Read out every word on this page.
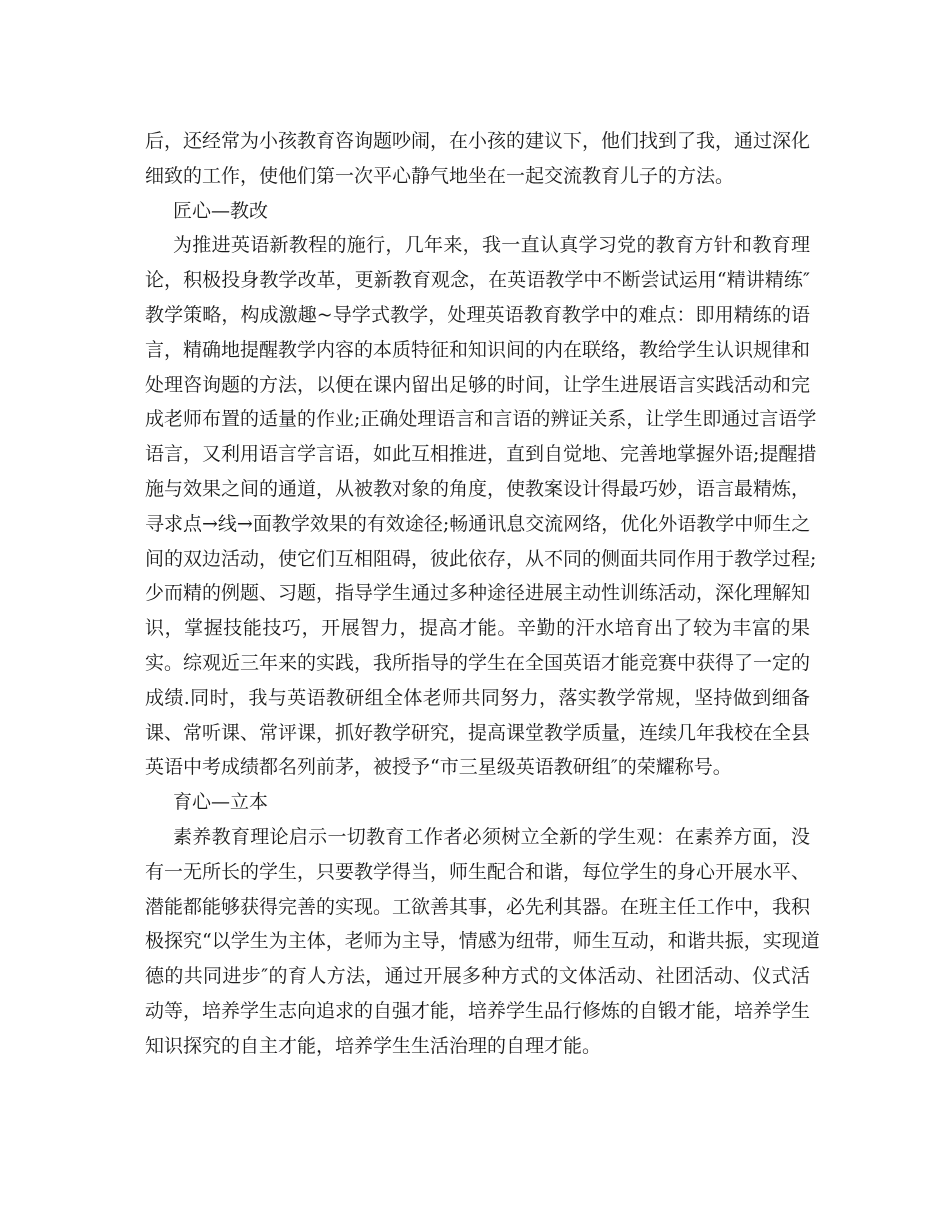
后，还经常为小孩教育咨询题吵闹，在小孩的建议下，他们找到了我，通过深化
细致的工作，使他们第一次平心静气地坐在一起交流教育儿子的方法。
匠心—教改
为推进英语新教程的施行，几年来，我一直认真学习党的教育方针和教育理
论，积极投身教学改革，更新教育观念，在英语教学中不断尝试运用“精讲精练″
教学策略，构成激趣~导学式教学，处理英语教育教学中的难点：即用精练的语
言，精确地提醒教学内容的本质特征和知识间的内在联络，教给学生认识规律和
处理咨询题的方法，以便在课内留出足够的时间，让学生进展语言实践活动和完
成老师布置的适量的作业;正确处理语言和言语的辨证关系，让学生即通过言语学
语言，又利用语言学言语，如此互相推进，直到自觉地、完善地掌握外语;提醒措
施与效果之间的通道，从被教对象的角度，使教案设计得最巧妙，语言最精炼，
寻求点→线→面教学效果的有效途径;畅通讯息交流网络，优化外语教学中师生之
间的双边活动，使它们互相阻碍，彼此依存，从不同的侧面共同作用于教学过程;
少而精的例题、习题，指导学生通过多种途径进展主动性训练活动，深化理解知
识，掌握技能技巧，开展智力，提高才能。辛勤的汗水培育出了较为丰富的果
实。综观近三年来的实践，我所指导的学生在全国英语才能竞赛中获得了一定的
成绩.同时，我与英语教研组全体老师共同努力，落实教学常规，坚持做到细备
课、常听课、常评课，抓好教学研究，提高课堂教学质量，连续几年我校在全县
英语中考成绩都名列前茅，被授予“市三星级英语教研组″的荣耀称号。
育心—立本
素养教育理论启示一切教育工作者必须树立全新的学生观：在素养方面，没
有一无所长的学生，只要教学得当，师生配合和谐，每位学生的身心开展水平、
潜能都能够获得完善的实现。工欲善其事，必先利其器。在班主任工作中，我积
极探究“以学生为主体，老师为主导，情感为纽带，师生互动，和谐共振，实现道
德的共同进步″的育人方法，通过开展多种方式的文体活动、社团活动、仪式活
动等，培养学生志向追求的自强才能，培养学生品行修炼的自锻才能，培养学生
知识探究的自主才能，培养学生生活治理的自理才能。
